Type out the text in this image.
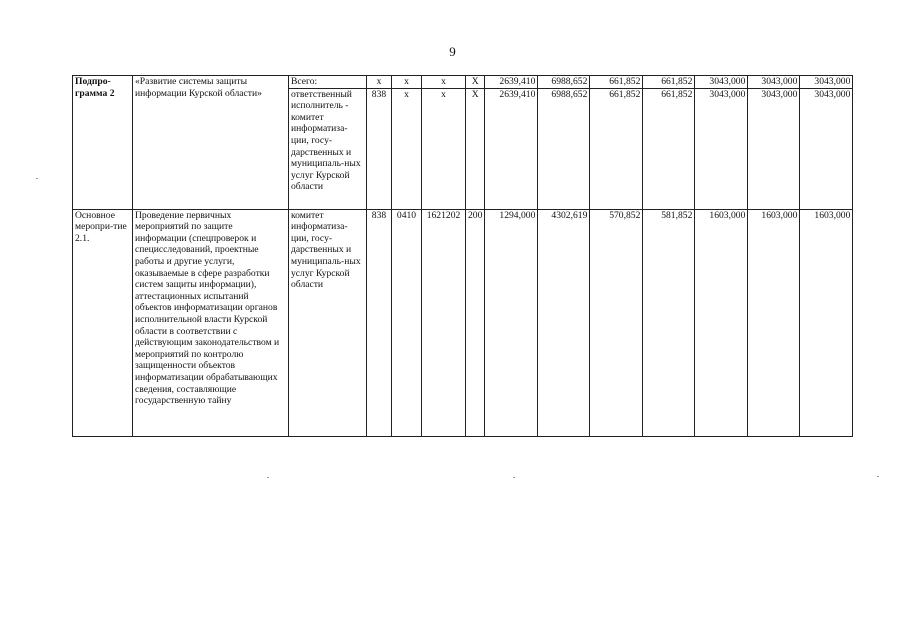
9
Подпро-
грамма 2	«Развитие системы защиты информации Курской области»	Всего:	х	х	х	Х	2639,410	6988,652	661,852	661,852	3043,000	3043,000	3043,000
		ответственный исполнитель - комитет информатиза-ции, госу-дарственных и муниципаль-ных услуг Курской области	838	х	х	Х	2639,410	6988,652	661,852	661,852	3043,000	3043,000	3043,000
Основное меропри-тие 2.1.	Проведение первичных мероприятий по защите информации (спецпроверок и специсследований, проектные работы и другие услуги, оказываемые в сфере разработки систем защиты информации), аттестационных испытаний объектов информатизации органов исполнительной власти Курской области в соответствии с действующим законодательством и мероприятий по контролю защищенности объектов информатизации обрабатывающих сведения, составляющие государственную тайну	комитет информатиза-ции, госу-дарственных и муниципаль-ных услуг Курской области	838	0410	1621202	200	1294,000	4302,619	570,852	581,852	1603,000	1603,000	1603,000
